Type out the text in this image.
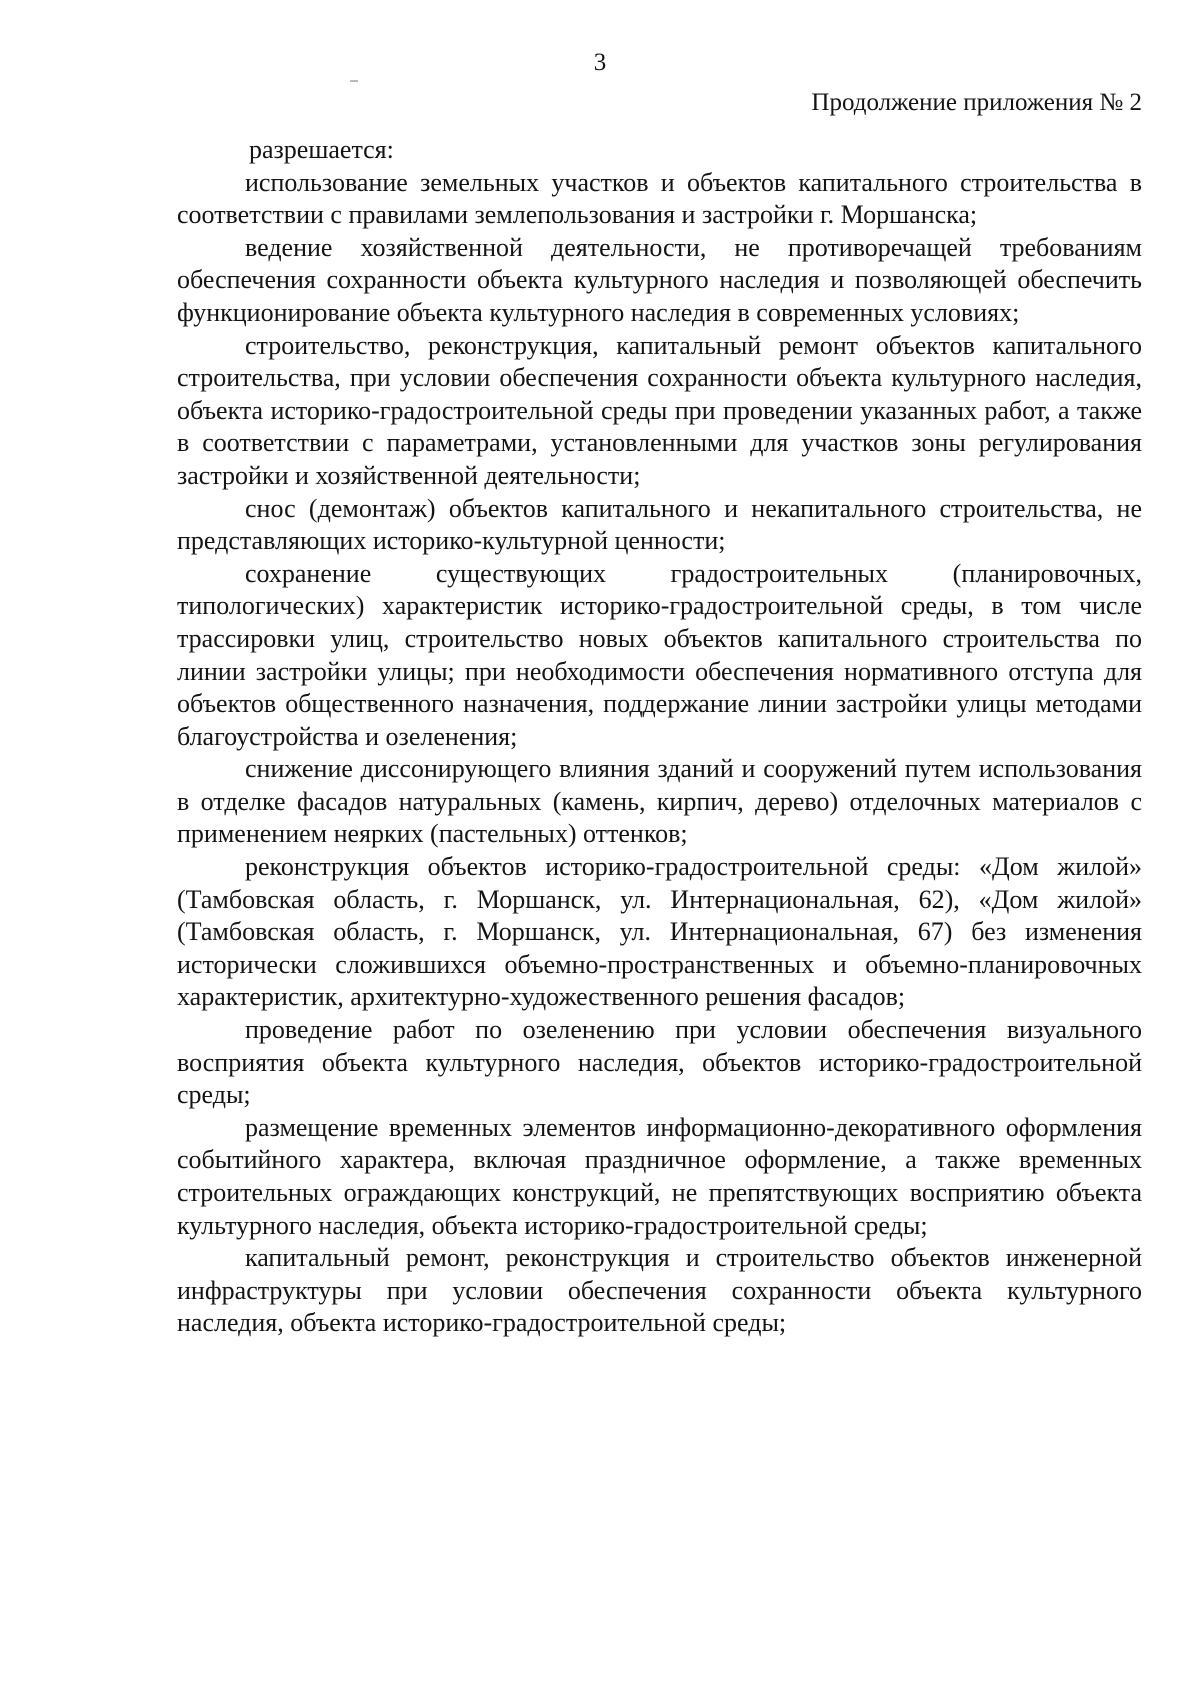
3
Продолжение приложения № 2

разрешается:

использование земельных участков и объектов капитального строительства в соответствии с правилами землепользования и застройки г. Моршанска;

ведение хозяйственной деятельности, не противоречащей требованиям обеспечения сохранности объекта культурного наследия и позволяющей обеспечить функционирование объекта культурного наследия в современных условиях;

строительство, реконструкция, капитальный ремонт объектов капитального строительства, при условии обеспечения сохранности объекта культурного наследия, объекта историко-градостроительной среды при проведении указанных работ, а также в соответствии с параметрами, установленными для участков зоны регулирования застройки и хозяйственной деятельности;

снос (демонтаж) объектов капитального и некапитального строительства, не представляющих историко-культурной ценности;

сохранение существующих градостроительных (планировочных, типологических) характеристик историко-градостроительной среды, в том числе трассировки улиц, строительство новых объектов капитального строительства по линии застройки улицы; при необходимости обеспечения нормативного отступа для объектов общественного назначения, поддержание линии застройки улицы методами благоустройства и озеленения;

снижение диссонирующего влияния зданий и сооружений путем использования в отделке фасадов натуральных (камень, кирпич, дерево) отделочных материалов с применением неярких (пастельных) оттенков;

реконструкция объектов историко-градостроительной среды: «Дом жилой» (Тамбовская область, г. Моршанск, ул. Интернациональная, 62), «Дом жилой» (Тамбовская область, г. Моршанск, ул. Интернациональная, 67) без изменения исторически сложившихся объемно-пространственных и объемно-планировочных характеристик, архитектурно-художественного решения фасадов;

проведение работ по озеленению при условии обеспечения визуального восприятия объекта культурного наследия, объектов историко-градостроительной среды;

размещение временных элементов информационно-декоративного оформления событийного характера, включая праздничное оформление, а также временных строительных ограждающих конструкций, не препятствующих восприятию объекта культурного наследия, объекта историко-градостроительной среды;

капитальный ремонт, реконструкция и строительство объектов инженерной инфраструктуры при условии обеспечения сохранности объекта культурного наследия, объекта историко-градостроительной среды;
